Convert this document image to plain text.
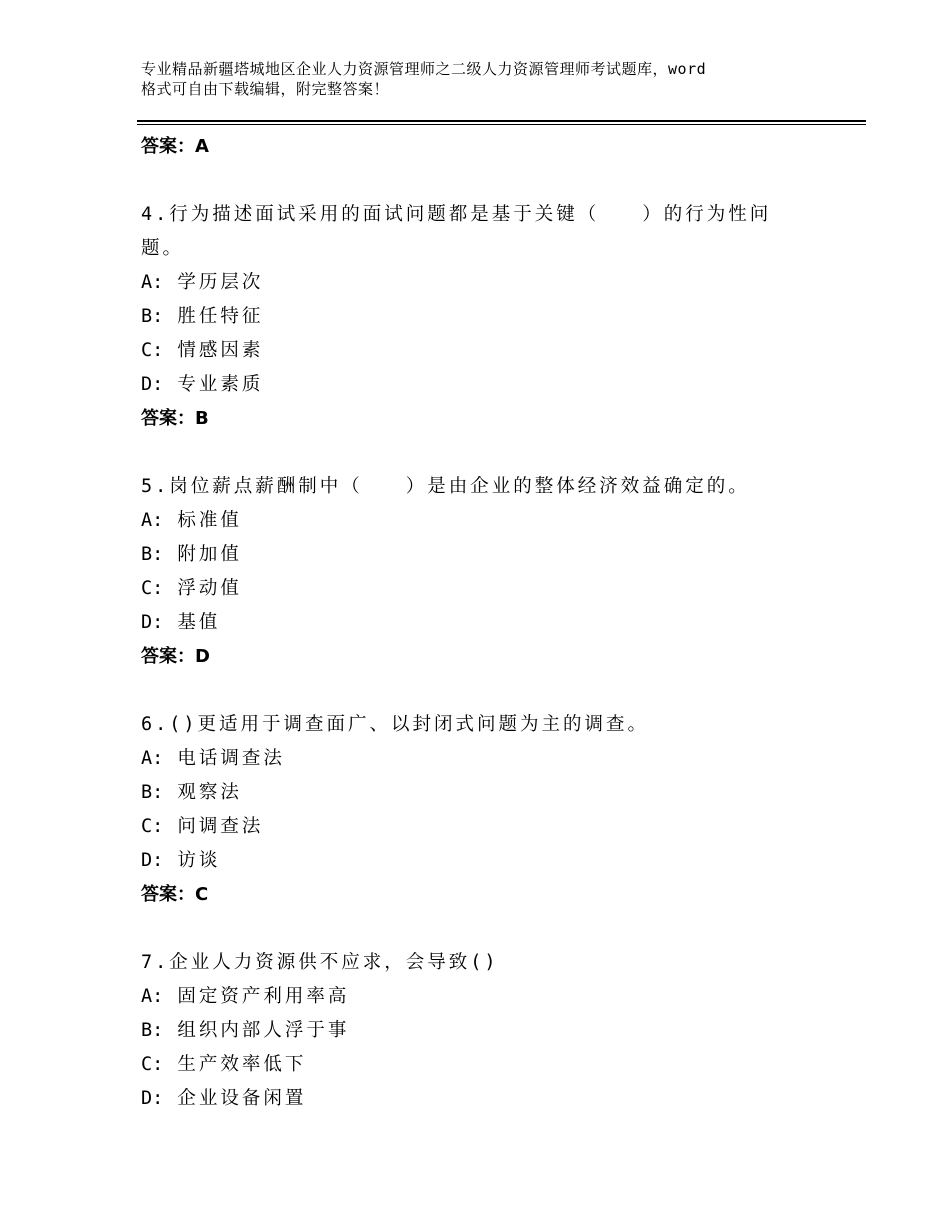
专业精品新疆塔城地区企业人力资源管理师之二级人力资源管理师考试题库，word
格式可自由下载编辑，附完整答案！
答案：A
4.行为描述面试采用的面试问题都是基于关键（　　）的行为性问
题。
A: 学历层次
B: 胜任特征
C: 情感因素
D: 专业素质
答案：B
5.岗位薪点薪酬制中（　　）是由企业的整体经济效益确定的。
A: 标准值
B: 附加值
C: 浮动值
D: 基值
答案：D
6.()更适用于调查面广、以封闭式问题为主的调查。
A: 电话调查法
B: 观察法
C: 问调查法
D: 访谈
答案：C
7.企业人力资源供不应求，会导致()
A: 固定资产利用率高
B: 组织内部人浮于事
C: 生产效率低下
D: 企业设备闲置
